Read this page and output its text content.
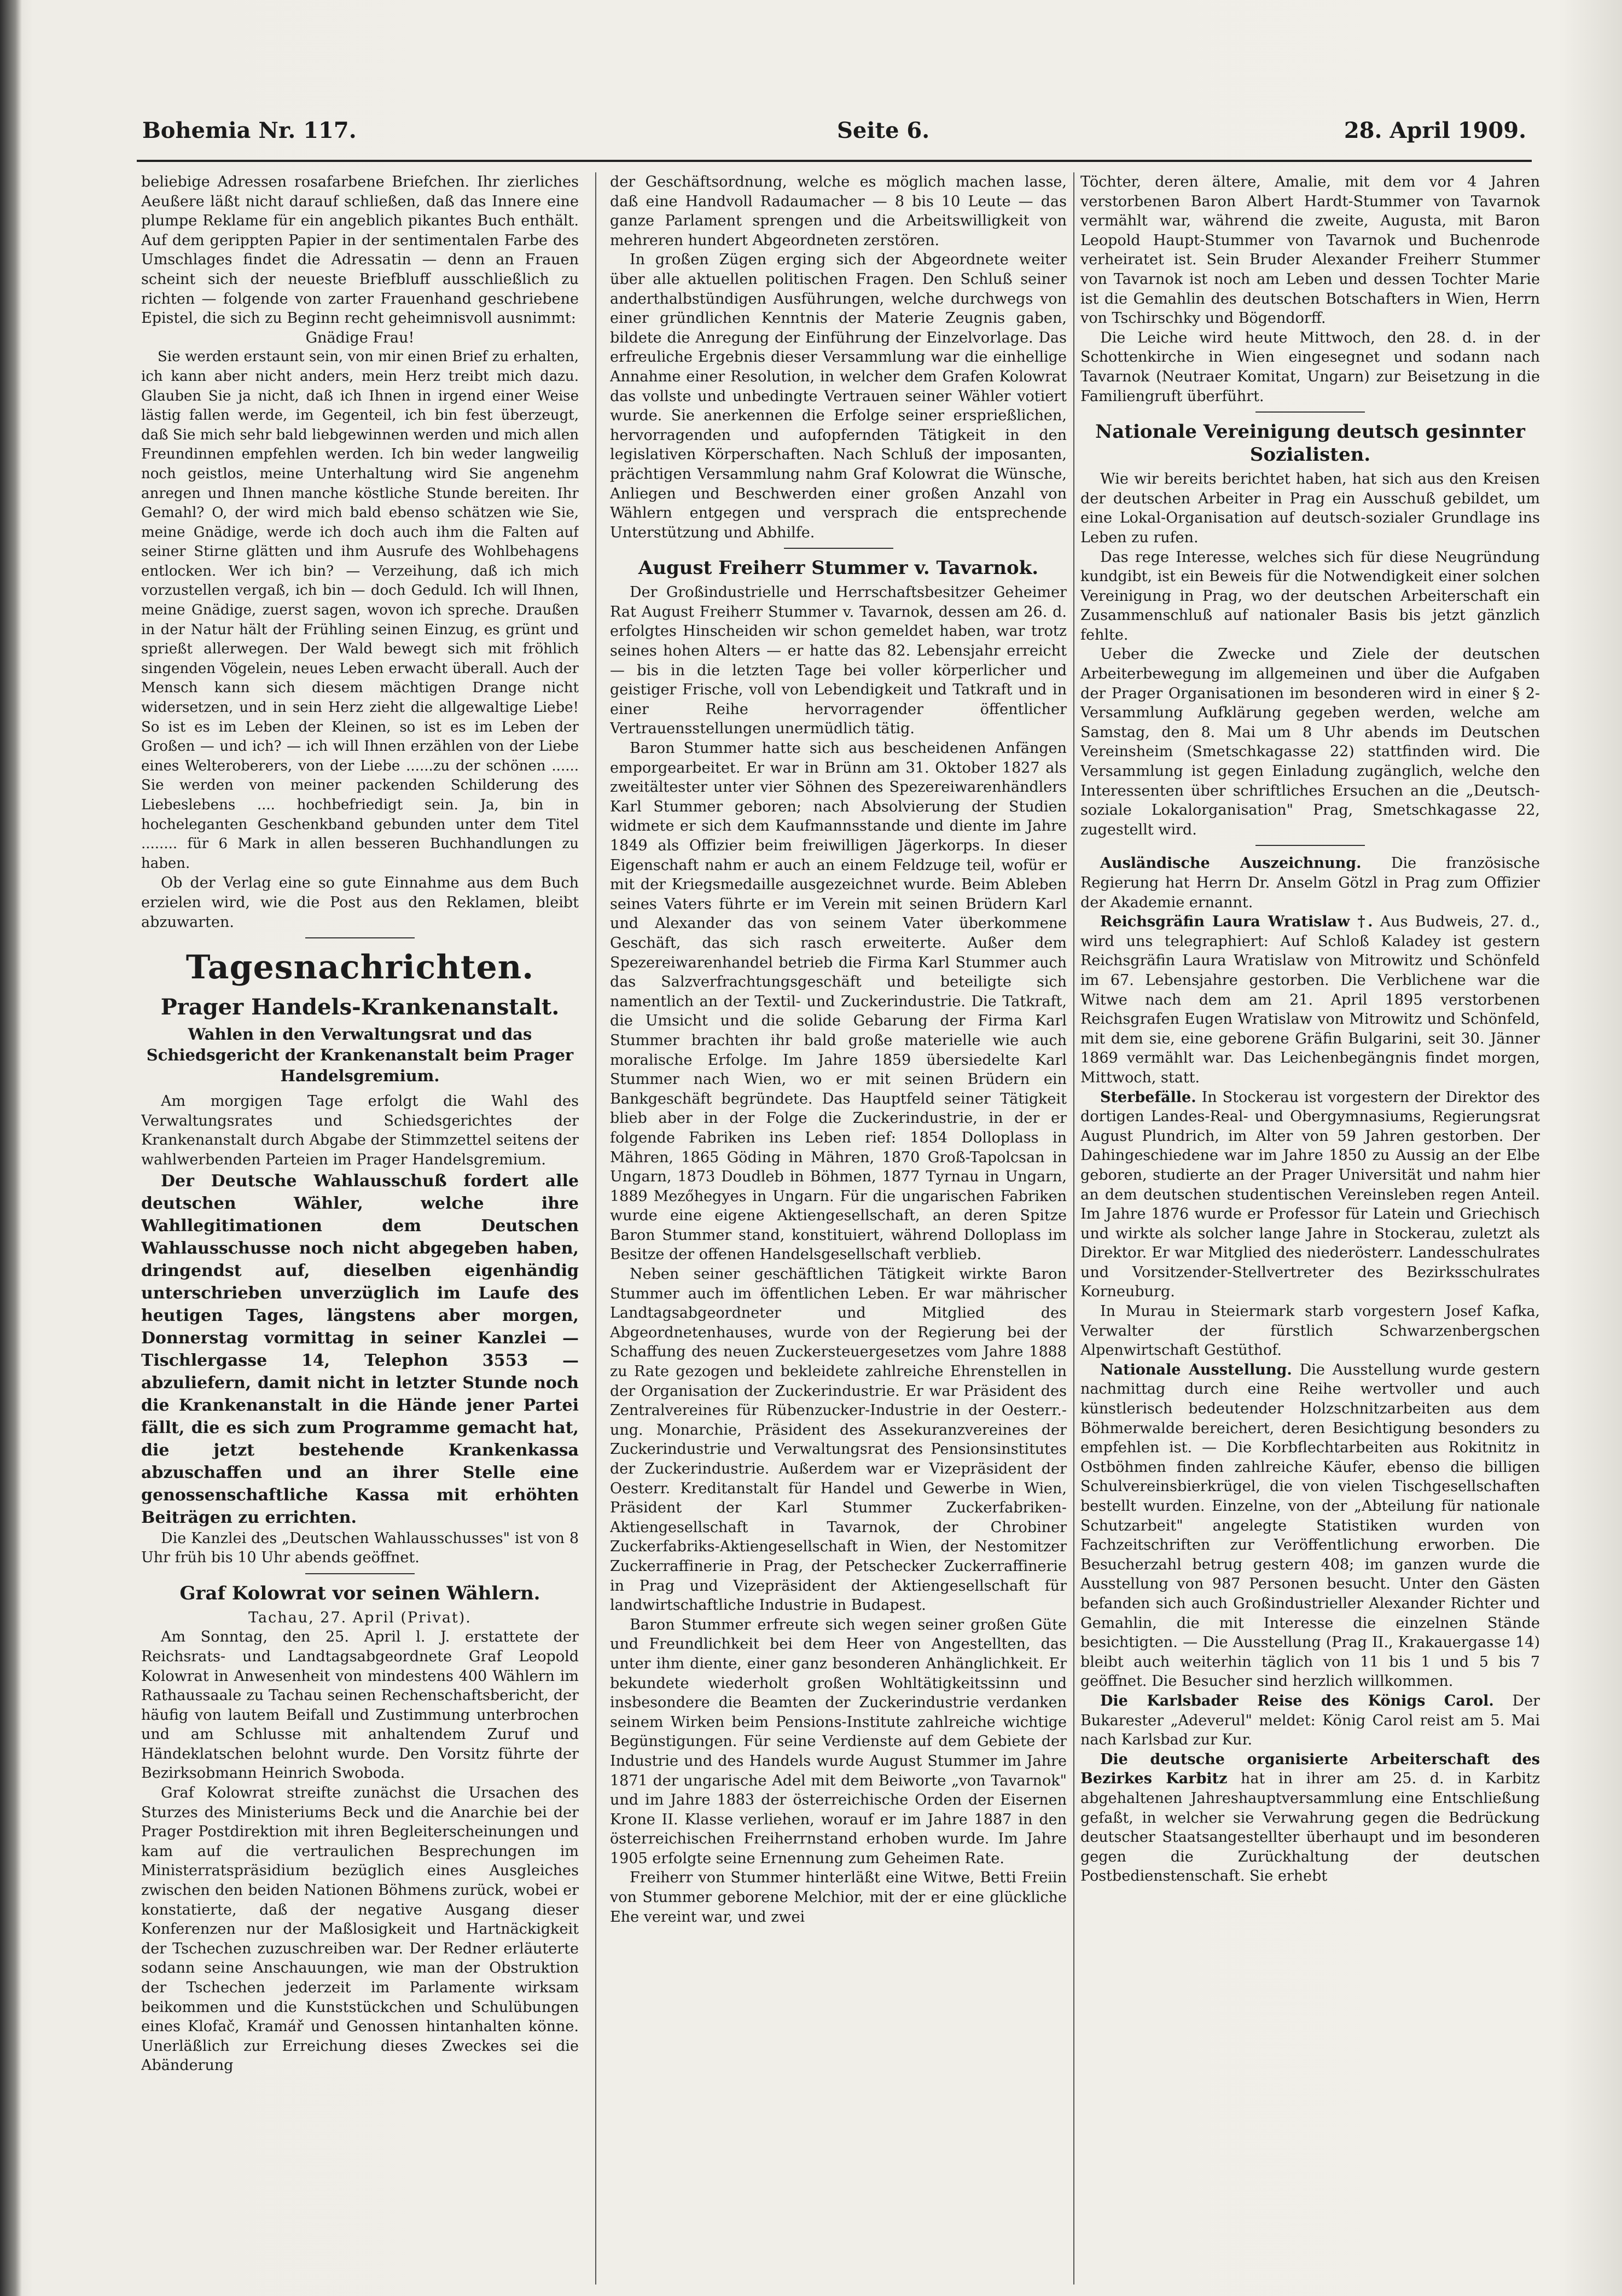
Bohemia Nr. 117.	Seite 6.	28. April 1909.

beliebige Adressen rosafarbene Briefchen. Ihr zierliches Aeußere läßt nicht darauf schließen, daß das Innere eine plumpe Reklame für ein angeblich pikantes Buch enthält. Auf dem gerippten Papier in der sentimentalen Farbe des Umschlages findet die Adressatin — denn an Frauen scheint sich der neueste Briefbluff ausschließlich zu richten — folgende von zarter Frauenhand geschriebene Epistel, die sich zu Beginn recht geheimnisvoll ausnimmt:

Gnädige Frau!

Sie werden erstaunt sein, von mir einen Brief zu erhalten, ich kann aber nicht anders, mein Herz treibt mich dazu. Glauben Sie ja nicht, daß ich Ihnen in irgend einer Weise lästig fallen werde, im Gegenteil, ich bin fest überzeugt, daß Sie mich sehr bald liebgewinnen werden und mich allen Freundinnen empfehlen werden. Ich bin weder langweilig noch geistlos, meine Unterhaltung wird Sie angenehm anregen und Ihnen manche köstliche Stunde bereiten. Ihr Gemahl? O, der wird mich bald ebenso schätzen wie Sie, meine Gnädige, werde ich doch auch ihm die Falten auf seiner Stirne glätten und ihm Ausrufe des Wohlbehagens entlocken. Wer ich bin? — Verzeihung, daß ich mich vorzustellen vergaß, ich bin — doch Geduld. Ich will Ihnen, meine Gnädige, zuerst sagen, wovon ich spreche. Draußen in der Natur hält der Frühling seinen Einzug, es grünt und sprießt allerwegen. Der Wald bewegt sich mit fröhlich singenden Vögelein, neues Leben erwacht überall. Auch der Mensch kann sich diesem mächtigen Drange nicht widersetzen, und in sein Herz zieht die allgewaltige Liebe! So ist es im Leben der Kleinen, so ist es im Leben der Großen — und ich? — ich will Ihnen erzählen von der Liebe eines Welteroberers, von der Liebe ......zu der schönen ...... Sie werden von meiner packenden Schilderung des Liebeslebens .... hochbefriedigt sein. Ja, bin in hocheleganten Geschenkband gebunden unter dem Titel ........ für 6 Mark in allen besseren Buchhandlungen zu haben.

Ob der Verlag eine so gute Einnahme aus dem Buch erzielen wird, wie die Post aus den Reklamen, bleibt abzuwarten.

Tagesnachrichten.
Prager Handels-Krankenanstalt.
Wahlen in den Verwaltungsrat und das Schiedsgericht der Krankenanstalt beim Prager Handelsgremium.

Am morgigen Tage erfolgt die Wahl des Verwaltungsrates und Schiedsgerichtes der Krankenanstalt durch Abgabe der Stimmzettel seitens der wahlwerbenden Parteien im Prager Handelsgremium.

Der Deutsche Wahlausschuß fordert alle deutschen Wähler, welche ihre Wahllegitimationen dem Deutschen Wahlausschusse noch nicht abgegeben haben, dringendst auf, dieselben eigenhändig unterschrieben unverzüglich im Laufe des heutigen Tages, längstens aber morgen, Donnerstag vormittag in seiner Kanzlei — Tischlergasse 14, Telephon 3553 — abzuliefern, damit nicht in letzter Stunde noch die Krankenanstalt in die Hände jener Partei fällt, die es sich zum Programme gemacht hat, die jetzt bestehende Krankenkassa abzuschaffen und an ihrer Stelle eine genossenschaftliche Kassa mit erhöhten Beiträgen zu errichten.

Die Kanzlei des „Deutschen Wahlausschusses" ist von 8 Uhr früh bis 10 Uhr abends geöffnet.

Graf Kolowrat vor seinen Wählern.

Tachau, 27. April (Privat).

Am Sonntag, den 25. April l. J. erstattete der Reichsrats- und Landtagsabgeordnete Graf Leopold Kolowrat in Anwesenheit von mindestens 400 Wählern im Rathaussaale zu Tachau seinen Rechenschaftsbericht, der häufig von lautem Beifall und Zustimmung unterbrochen und am Schlusse mit anhaltendem Zuruf und Händeklatschen belohnt wurde. Den Vorsitz führte der Bezirksobmann Heinrich Swoboda.

Graf Kolowrat streifte zunächst die Ursachen des Sturzes des Ministeriums Beck und die Anarchie bei der Prager Postdirektion mit ihren Begleiterscheinungen und kam auf die vertraulichen Besprechungen im Ministerratspräsidium bezüglich eines Ausgleiches zwischen den beiden Nationen Böhmens zurück, wobei er konstatierte, daß der negative Ausgang dieser Konferenzen nur der Maßlosigkeit und Hartnäckigkeit der Tschechen zuzuschreiben war. Der Redner erläuterte sodann seine Anschauungen, wie man der Obstruktion der Tschechen jederzeit im Parlamente wirksam beikommen und die Kunststückchen und Schulübungen eines Klofač, Kramář und Genossen hintanhalten könne. Unerläßlich zur Erreichung dieses Zweckes sei die Abänderung

der Geschäftsordnung, welche es möglich machen lasse, daß eine Handvoll Radaumacher — 8 bis 10 Leute — das ganze Parlament sprengen und die Arbeitswilligkeit von mehreren hundert Abgeordneten zerstören.

In großen Zügen erging sich der Abgeordnete weiter über alle aktuellen politischen Fragen. Den Schluß seiner anderthalbstündigen Ausführungen, welche durchwegs von einer gründlichen Kenntnis der Materie Zeugnis gaben, bildete die Anregung der Einführung der Einzelvorlage. Das erfreuliche Ergebnis dieser Versammlung war die einhellige Annahme einer Resolution, in welcher dem Grafen Kolowrat das vollste und unbedingte Vertrauen seiner Wähler votiert wurde. Sie anerkennen die Erfolge seiner ersprießlichen, hervorragenden und aufopfernden Tätigkeit in den legislativen Körperschaften. Nach Schluß der imposanten, prächtigen Versammlung nahm Graf Kolowrat die Wünsche, Anliegen und Beschwerden einer großen Anzahl von Wählern entgegen und versprach die entsprechende Unterstützung und Abhilfe.

August Freiherr Stummer v. Tavarnok.

Der Großindustrielle und Herrschaftsbesitzer Geheimer Rat August Freiherr Stummer v. Tavarnok, dessen am 26. d. erfolgtes Hinscheiden wir schon gemeldet haben, war trotz seines hohen Alters — er hatte das 82. Lebensjahr erreicht — bis in die letzten Tage bei voller körperlicher und geistiger Frische, voll von Lebendigkeit und Tatkraft und in einer Reihe hervorragender öffentlicher Vertrauensstellungen unermüdlich tätig.

Baron Stummer hatte sich aus bescheidenen Anfängen emporgearbeitet. Er war in Brünn am 31. Oktober 1827 als zweitältester unter vier Söhnen des Spezereiwarenhändlers Karl Stummer geboren; nach Absolvierung der Studien widmete er sich dem Kaufmannsstande und diente im Jahre 1849 als Offizier beim freiwilligen Jägerkorps. In dieser Eigenschaft nahm er auch an einem Feldzuge teil, wofür er mit der Kriegsmedaille ausgezeichnet wurde. Beim Ableben seines Vaters führte er im Verein mit seinen Brüdern Karl und Alexander das von seinem Vater überkommene Geschäft, das sich rasch erweiterte. Außer dem Spezereiwarenhandel betrieb die Firma Karl Stummer auch das Salzverfrachtungsgeschäft und beteiligte sich namentlich an der Textil- und Zuckerindustrie. Die Tatkraft, die Umsicht und die solide Gebarung der Firma Karl Stummer brachten ihr bald große materielle wie auch moralische Erfolge. Im Jahre 1859 übersiedelte Karl Stummer nach Wien, wo er mit seinen Brüdern ein Bankgeschäft begründete. Das Hauptfeld seiner Tätigkeit blieb aber in der Folge die Zuckerindustrie, in der er folgende Fabriken ins Leben rief: 1854 Dolloplass in Mähren, 1865 Göding in Mähren, 1870 Groß-Tapolcsan in Ungarn, 1873 Doudleb in Böhmen, 1877 Tyrnau in Ungarn, 1889 Mezőhegyes in Ungarn. Für die ungarischen Fabriken wurde eine eigene Aktiengesellschaft, an deren Spitze Baron Stummer stand, konstituiert, während Dolloplass im Besitze der offenen Handelsgesellschaft verblieb.

Neben seiner geschäftlichen Tätigkeit wirkte Baron Stummer auch im öffentlichen Leben. Er war mährischer Landtagsabgeordneter und Mitglied des Abgeordnetenhauses, wurde von der Regierung bei der Schaffung des neuen Zuckersteuergesetzes vom Jahre 1888 zu Rate gezogen und bekleidete zahlreiche Ehrenstellen in der Organisation der Zuckerindustrie. Er war Präsident des Zentralvereines für Rübenzucker-Industrie in der Oesterr.-ung. Monarchie, Präsident des Assekuranzvereines der Zuckerindustrie und Verwaltungsrat des Pensionsinstitutes der Zuckerindustrie. Außerdem war er Vizepräsident der Oesterr. Kreditanstalt für Handel und Gewerbe in Wien, Präsident der Karl Stummer Zuckerfabriken-Aktiengesellschaft in Tavarnok, der Chrobiner Zuckerfabriks-Aktiengesellschaft in Wien, der Nestomitzer Zuckerraffinerie in Prag, der Petschecker Zuckerraffinerie in Prag und Vizepräsident der Aktiengesellschaft für landwirtschaftliche Industrie in Budapest.

Baron Stummer erfreute sich wegen seiner großen Güte und Freundlichkeit bei dem Heer von Angestellten, das unter ihm diente, einer ganz besonderen Anhänglichkeit. Er bekundete wiederholt großen Wohltätigkeitssinn und insbesondere die Beamten der Zuckerindustrie verdanken seinem Wirken beim Pensions-Institute zahlreiche wichtige Begünstigungen. Für seine Verdienste auf dem Gebiete der Industrie und des Handels wurde August Stummer im Jahre 1871 der ungarische Adel mit dem Beiworte „von Tavarnok" und im Jahre 1883 der österreichische Orden der Eisernen Krone II. Klasse verliehen, worauf er im Jahre 1887 in den österreichischen Freiherrnstand erhoben wurde. Im Jahre 1905 erfolgte seine Ernennung zum Geheimen Rate.

Freiherr von Stummer hinterläßt eine Witwe, Betti Freiin von Stummer geborene Melchior, mit der er eine glückliche Ehe vereint war, und zwei

Töchter, deren ältere, Amalie, mit dem vor 4 Jahren verstorbenen Baron Albert Hardt-Stummer von Tavarnok vermählt war, während die zweite, Augusta, mit Baron Leopold Haupt-Stummer von Tavarnok und Buchenrode verheiratet ist. Sein Bruder Alexander Freiherr Stummer von Tavarnok ist noch am Leben und dessen Tochter Marie ist die Gemahlin des deutschen Botschafters in Wien, Herrn von Tschirschky und Bögendorff.

Die Leiche wird heute Mittwoch, den 28. d. in der Schottenkirche in Wien eingesegnet und sodann nach Tavarnok (Neutraer Komitat, Ungarn) zur Beisetzung in die Familiengruft überführt.

Nationale Vereinigung deutsch gesinnter Sozialisten.

Wie wir bereits berichtet haben, hat sich aus den Kreisen der deutschen Arbeiter in Prag ein Ausschuß gebildet, um eine Lokal-Organisation auf deutsch-sozialer Grundlage ins Leben zu rufen.

Das rege Interesse, welches sich für diese Neugründung kundgibt, ist ein Beweis für die Notwendigkeit einer solchen Vereinigung in Prag, wo der deutschen Arbeiterschaft ein Zusammenschluß auf nationaler Basis bis jetzt gänzlich fehlte.

Ueber die Zwecke und Ziele der deutschen Arbeiterbewegung im allgemeinen und über die Aufgaben der Prager Organisationen im besonderen wird in einer § 2-Versammlung Aufklärung gegeben werden, welche am Samstag, den 8. Mai um 8 Uhr abends im Deutschen Vereinsheim (Smetschkagasse 22) stattfinden wird. Die Versammlung ist gegen Einladung zugänglich, welche den Interessenten über schriftliches Ersuchen an die „Deutsch-soziale Lokalorganisation" Prag, Smetschkagasse 22, zugestellt wird.

Ausländische Auszeichnung. Die französische Regierung hat Herrn Dr. Anselm Götzl in Prag zum Offizier der Akademie ernannt.

Reichsgräfin Laura Wratislaw †. Aus Budweis, 27. d., wird uns telegraphiert: Auf Schloß Kaladey ist gestern Reichsgräfin Laura Wratislaw von Mitrowitz und Schönfeld im 67. Lebensjahre gestorben. Die Verblichene war die Witwe nach dem am 21. April 1895 verstorbenen Reichsgrafen Eugen Wratislaw von Mitrowitz und Schönfeld, mit dem sie, eine geborene Gräfin Bulgarini, seit 30. Jänner 1869 vermählt war. Das Leichenbegängnis findet morgen, Mittwoch, statt.

Sterbefälle. In Stockerau ist vorgestern der Direktor des dortigen Landes-Real- und Obergymnasiums, Regierungsrat August Plundrich, im Alter von 59 Jahren gestorben. Der Dahingeschiedene war im Jahre 1850 zu Aussig an der Elbe geboren, studierte an der Prager Universität und nahm hier an dem deutschen studentischen Vereinsleben regen Anteil. Im Jahre 1876 wurde er Professor für Latein und Griechisch und wirkte als solcher lange Jahre in Stockerau, zuletzt als Direktor. Er war Mitglied des niederösterr. Landesschulrates und Vorsitzender-Stellvertreter des Bezirksschulrates Korneuburg.

In Murau in Steiermark starb vorgestern Josef Kafka, Verwalter der fürstlich Schwarzenbergschen Alpenwirtschaft Gestüthof.

Nationale Ausstellung. Die Ausstellung wurde gestern nachmittag durch eine Reihe wertvoller und auch künstlerisch bedeutender Holzschnitzarbeiten aus dem Böhmerwalde bereichert, deren Besichtigung besonders zu empfehlen ist. — Die Korbflechtarbeiten aus Rokitnitz in Ostböhmen finden zahlreiche Käufer, ebenso die billigen Schulvereinsbierkrügel, die von vielen Tischgesellschaften bestellt wurden. Einzelne, von der „Abteilung für nationale Schutzarbeit" angelegte Statistiken wurden von Fachzeitschriften zur Veröffentlichung erworben. Die Besucherzahl betrug gestern 408; im ganzen wurde die Ausstellung von 987 Personen besucht. Unter den Gästen befanden sich auch Großindustrieller Alexander Richter und Gemahlin, die mit Interesse die einzelnen Stände besichtigten. — Die Ausstellung (Prag II., Krakauergasse 14) bleibt auch weiterhin täglich von 11 bis 1 und 5 bis 7 geöffnet. Die Besucher sind herzlich willkommen.

Die Karlsbader Reise des Königs Carol. Der Bukarester „Adeverul" meldet: König Carol reist am 5. Mai nach Karlsbad zur Kur.

Die deutsche organisierte Arbeiterschaft des Bezirkes Karbitz hat in ihrer am 25. d. in Karbitz abgehaltenen Jahreshauptversammlung eine Entschließung gefaßt, in welcher sie Verwahrung gegen die Bedrückung deutscher Staatsangestellter überhaupt und im besonderen gegen die Zurückhaltung der deutschen Postbedienstenschaft. Sie erhebt
